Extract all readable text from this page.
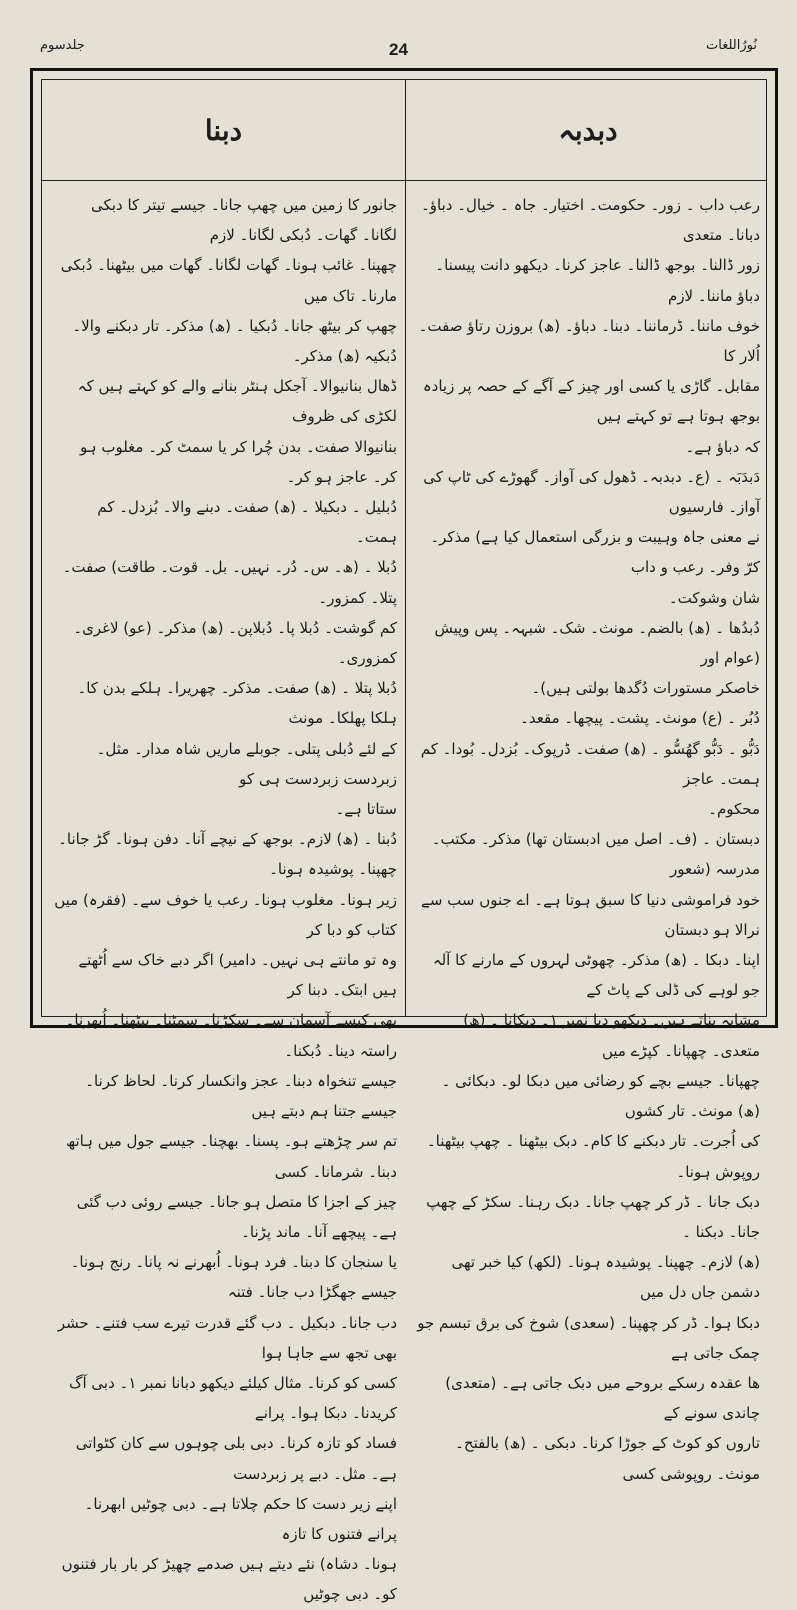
24
جلدسوم	نُورُاللغات
دبنا	دبدبہ

جانور کا زمین میں چھپ جانا۔ جیسے تیتر کا دبکی لگانا۔ گھات۔ دُبکی لگانا۔ لازم

چھپنا۔ غائب ہونا۔ گھات لگانا۔ گھات میں بیٹھنا۔ دُبکی مارنا۔ تاک میں

چھپ کر بیٹھ جانا۔ دُبکیا ۔ (ھ) مذکر۔ تار دبکنے والا۔ دُبکیہ (ھ) مذکر۔

ڈھال بنانیوالا۔ آجکل ہنٹر بنانے والے کو کہتے ہیں کہ لکڑی کی ظروف

بنانیوالا صفت۔ بدن چُرا کر یا سمٹ کر۔ مغلوب ہو کر۔ عاجز ہو کر۔

دُبلیل ۔ دبکیلا ۔ (ھ) صفت۔ دبنے والا۔ بُزدل۔ کم ہمت۔

دُبلا ۔ (ھ۔ س۔ دُر۔ نہیں۔ بل۔ قوت۔ طاقت) صفت۔ پتلا۔ کمزور۔

کم گوشت۔ دُبلا پا۔ دُبلاپن۔ (ھ) مذکر۔ (عو) لاغری۔ کمزوری۔

دُبلا پتلا ۔ (ھ) صفت۔ مذکر۔ چھریرا۔ ہلکے بدن کا۔ ہلکا پھلکا۔ مونث

کے لئے دُبلی پتلی۔ جوبلے ماریں شاہ مدار۔ مثل۔ زبردست زبردست ہی کو

ستاتا ہے۔

دُبنا ۔ (ھ) لازم۔ بوجھ کے نیچے آنا۔ دفن ہونا۔ گڑ جانا۔ چھپنا۔ پوشیدہ ہونا۔

زیر ہونا۔ مغلوب ہونا۔ رعب یا خوف سے۔ (فقرہ) میں کتاب کو دبا کر

وہ تو مانتے ہی نہیں۔ دامیر) اگر دبے خاک سے اُٹھتے ہیں ابتک۔ دبنا کر

بھی کیسے آسمان سے۔ سکڑنا۔ سمٹنا۔ بیٹھنا۔ اُبھرنا۔ راستہ دینا۔ دُبکنا۔

جیسے تنخواہ دبنا۔ عجز وانکسار کرنا۔ لحاظ کرنا۔ جیسے جتنا ہم دبتے ہیں

تم سر چڑھتے ہو۔ پسنا۔ بھچنا۔ جیسے جول میں ہاتھ دبنا۔ شرمانا۔ کسی

چیز کے اجزا کا متصل ہو جانا۔ جیسے روئی دب گئی ہے۔ پیچھے آنا۔ ماند پڑنا۔

یا سنجان کا دبنا۔ فرد ہونا۔ اُبھرنے نہ پانا۔ رنج ہونا۔ جیسے جھگڑا دب جانا۔ فتنہ

دب جانا۔ دبکیل ۔ دب گئے قدرت تیرے سب فتنے۔ حشر بھی تجھ سے جاہا ہوا

کسی کو کرنا۔ مثال کیلئے دیکھو دبانا نمبر ۱۔ دبی آگ کریدنا۔ دبکا ہوا۔ پرانے

فساد کو تازہ کرنا۔ دبی بلی چوہوں سے کان کٹواتی ہے۔ مثل۔ دبے پر زبردست

اپنے زیر دست کا حکم چلاتا ہے۔ دبی چوٹیں ابھرنا۔ پرانے فتنوں کا تازہ

ہونا۔ دشاہ) نئے دیتے ہیں صدمے چھیڑ کر بار بار فتنوں کو۔ دبی چوٹیں

رعب داب ۔ زور۔ حکومت۔ اختیار۔ جاہ ۔ خیال۔ دباؤ۔ دبانا۔ متعدی

زور ڈالنا۔ بوجھ ڈالنا۔ عاجز کرنا۔ دیکھو دانت پیسنا۔ دباؤ ماننا۔ لازم

خوف ماننا۔ ڈرماننا۔ دبنا۔ دباؤ۔ (ھ) بروزن رتاؤ صفت۔ اُلار کا

مقابل۔ گاڑی یا کسی اور چیز کے آگے کے حصہ پر زیادہ بوجھ ہوتا ہے تو کہتے ہیں

کہ دباؤ ہے۔

دَبدَبَہ ۔ (ع۔ دبدبہ۔ ڈھول کی آواز۔ گھوڑے کی ٹاپ کی آواز۔ فارسیوں

نے معنی جاہ وہیبت و بزرگی استعمال کیا ہے) مذکر۔ کرّ وفر۔ رعب و داب

شان وشوکت۔

دُبدُھا ۔ (ھ) بالضم۔ مونث۔ شک۔ شبہہ۔ پس وپیش (عوام اور

خاصکر مستورات دُگدھا بولتی ہیں)۔

دُبُر ۔ (ع) مونث۔ پشت۔ پیچھا۔ مقعد۔

دَبُّو ۔ دَبُّو گھُسُّو ۔ (ھ) صفت۔ ڈرپوک۔ بُزدل۔ بُودا۔ کم ہمت۔ عاجز

محکوم۔

دبستان ۔ (ف۔ اصل میں ادبستان تھا) مذکر۔ مکتب۔ مدرسہ (شعور

خود فراموشی دنیا کا سبق ہوتا ہے۔ اے جنوں سب سے نرالا ہو دبستان

اپنا۔ دبکا ۔ (ھ) مذکر۔ چھوٹی لہروں کے مارنے کا آلہ جو لوہے کی ڈلی کے پاٹ کے

مشابہ بناتے ہیں۔ دیکھو دبا نمبر ۱۔ دبکانا ۔ (ھ) متعدی۔ چھپانا۔ کپڑے میں

چھپانا۔ جیسے بچے کو رضائی میں دبکا لو۔ دبکائی ۔ (ھ) مونث۔ تار کشوں

کی اُجرت۔ تار دبکنے کا کام۔ دبک بیٹھنا ۔ چھپ بیٹھنا۔ روپوش ہونا۔

دبک جانا ۔ ڈر کر چھپ جانا۔ دبک رہنا۔ سکڑ کے چھپ جانا۔ دبکنا ۔

(ھ) لازم۔ چھپنا۔ پوشیدہ ہونا۔ (لکھ) کیا خبر تھی دشمن جاں دل میں

دبکا ہوا۔ ڈر کر چھپنا۔ (سعدی) شوخ کی برق تبسم جو چمک جاتی ہے

ھا عقدہ رسکے بروحے میں دبک جاتی ہے۔ (متعدی) چاندی سونے کے

تاروں کو کوٹ کے جوڑا کرنا۔ دبکی ۔ (ھ) بالفتح۔ مونث۔ روپوشی کسی
